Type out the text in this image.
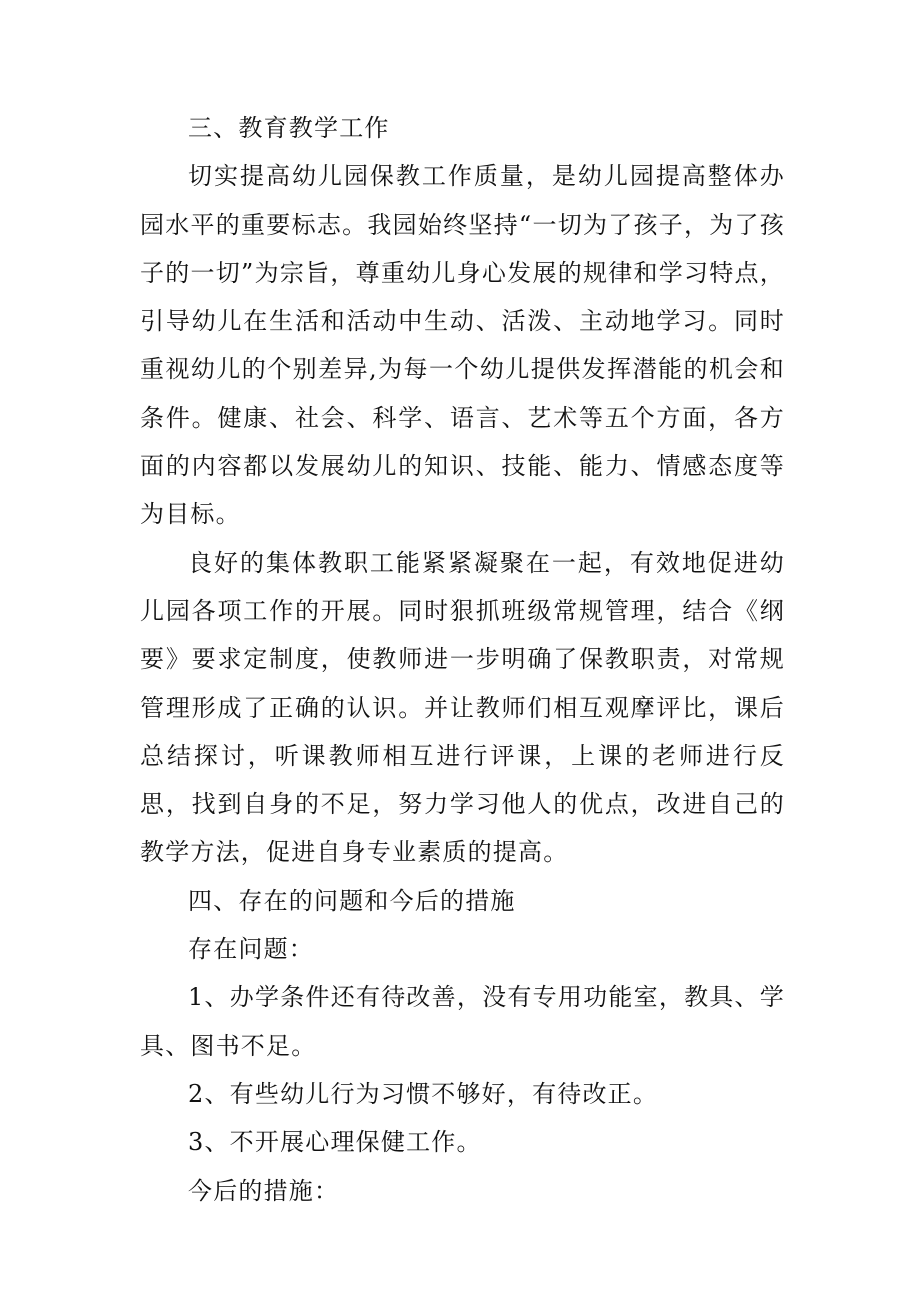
三、教育教学工作

切实提高幼儿园保教工作质量，是幼儿园提高整体办园水平的重要标志。我园始终坚持“一切为了孩子，为了孩子的一切”为宗旨，尊重幼儿身心发展的规律和学习特点，引导幼儿在生活和活动中生动、活泼、主动地学习。同时重视幼儿的个别差异,为每一个幼儿提供发挥潜能的机会和条件。健康、社会、科学、语言、艺术等五个方面，各方面的内容都以发展幼儿的知识、技能、能力、情感态度等为目标。

良好的集体教职工能紧紧凝聚在一起，有效地促进幼儿园各项工作的开展。同时狠抓班级常规管理，结合《纲要》要求定制度，使教师进一步明确了保教职责，对常规管理形成了正确的认识。并让教师们相互观摩评比，课后总结探讨，听课教师相互进行评课，上课的老师进行反思，找到自身的不足，努力学习他人的优点，改进自己的教学方法，促进自身专业素质的提高。

四、存在的问题和今后的措施

存在问题：

1、办学条件还有待改善，没有专用功能室，教具、学具、图书不足。

2、有些幼儿行为习惯不够好，有待改正。

3、不开展心理保健工作。

今后的措施：
